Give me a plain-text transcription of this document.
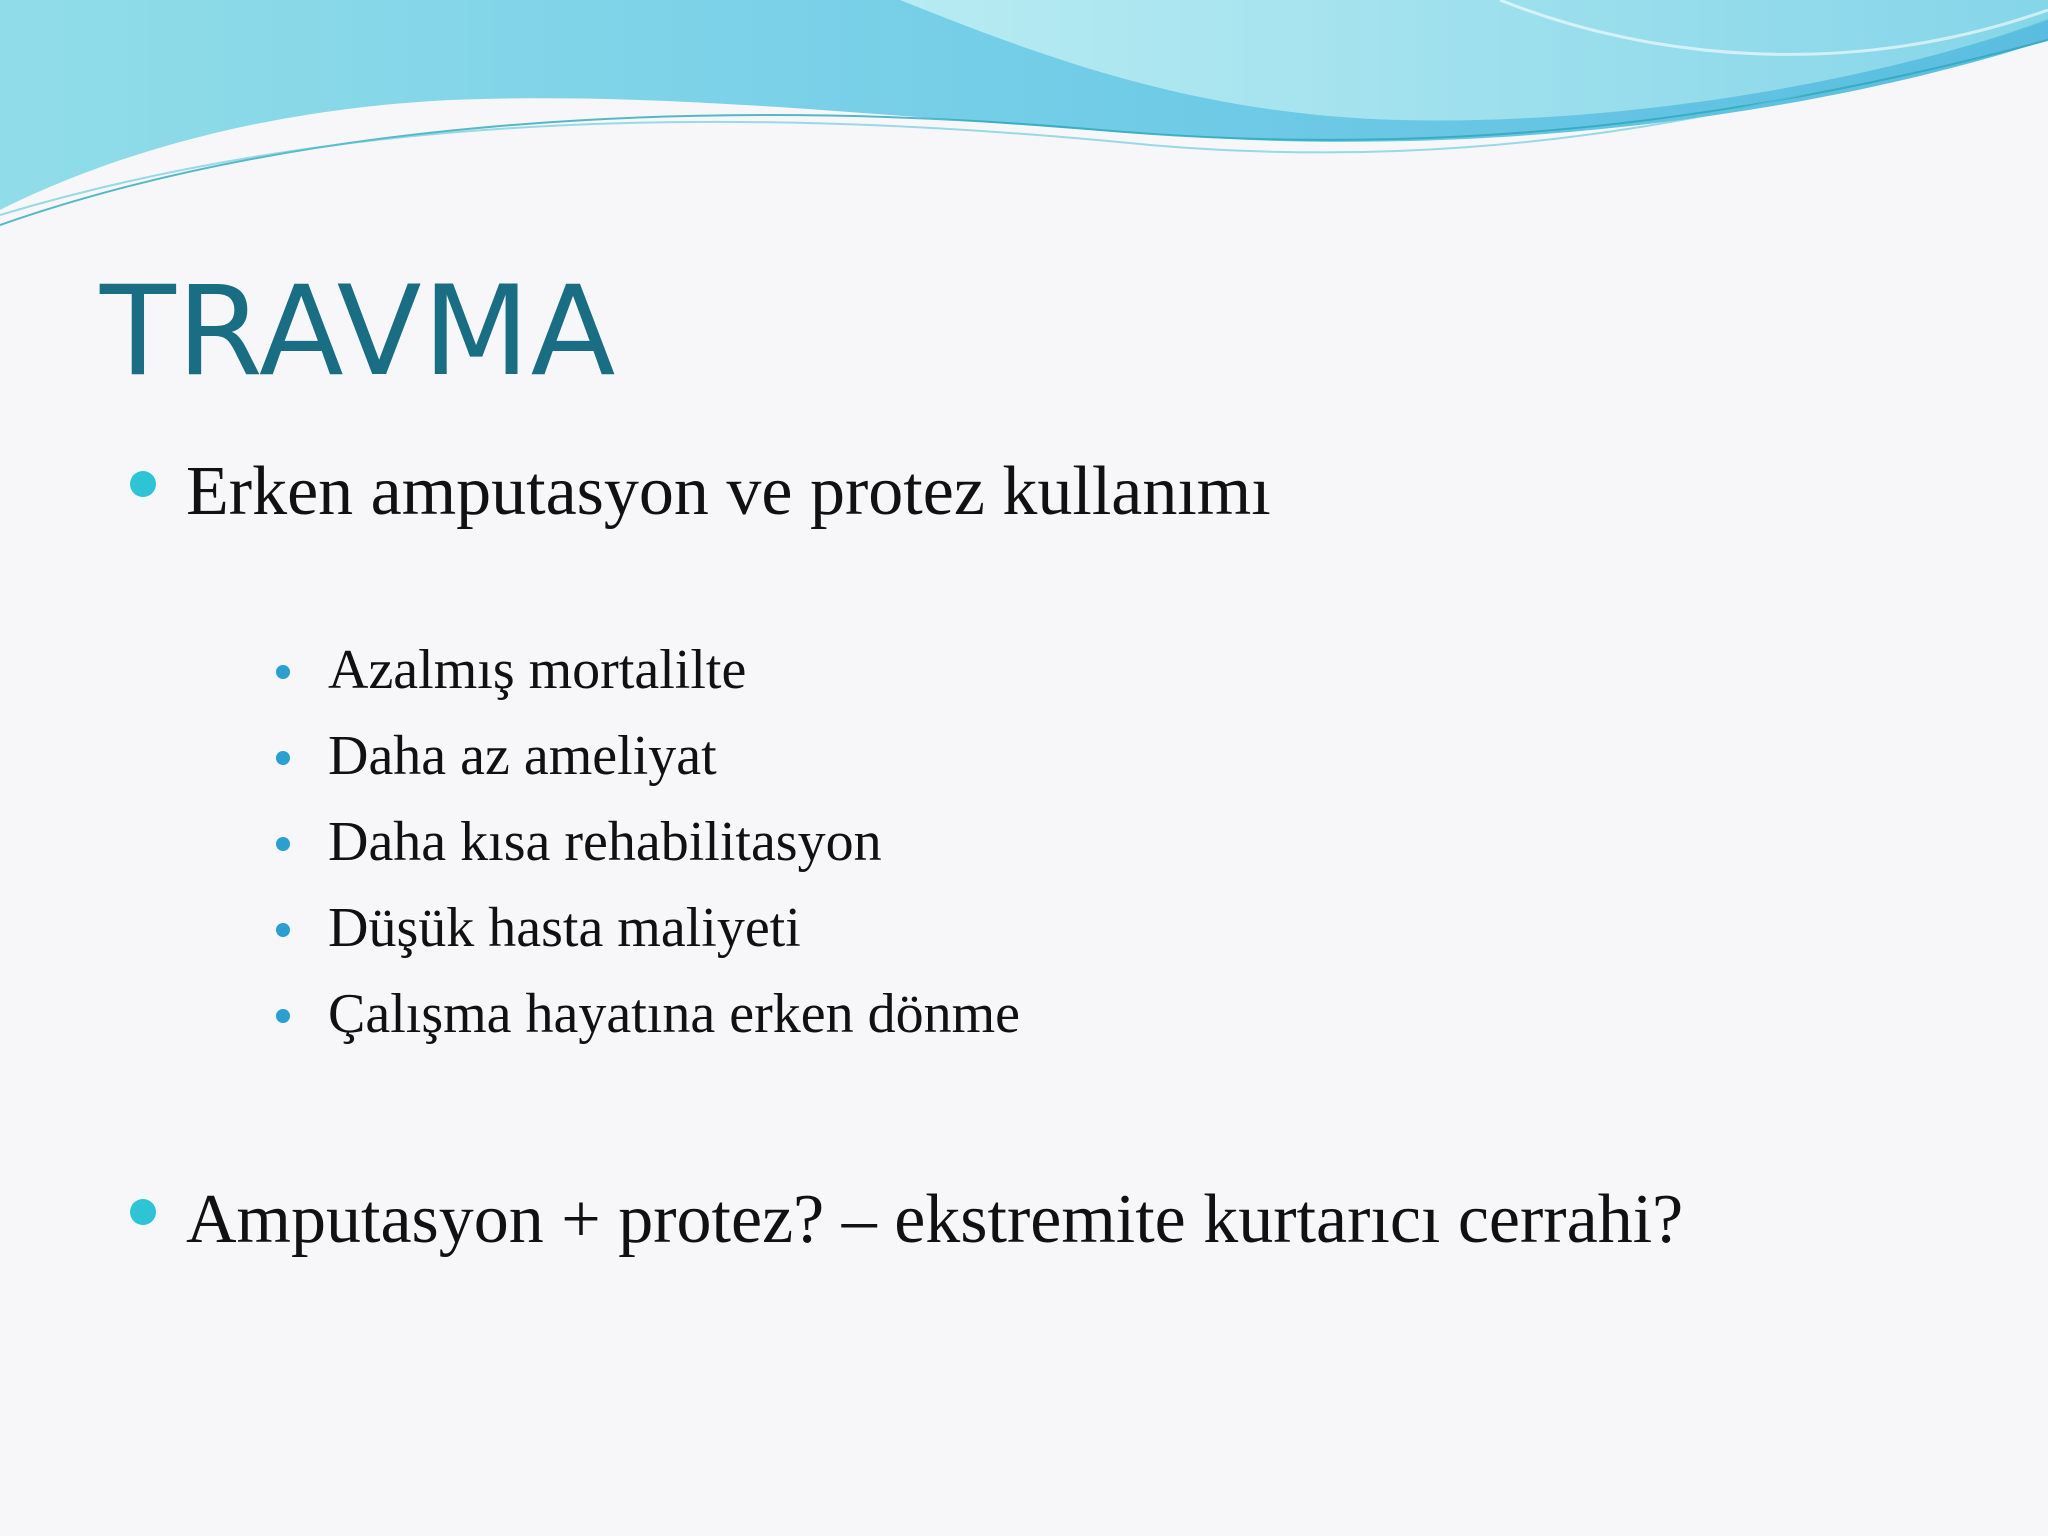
TRAVMA
Erken amputasyon ve protez kullanımı
Azalmış mortalilte
Daha az ameliyat
Daha kısa rehabilitasyon
Düşük hasta maliyeti
Çalışma hayatına erken dönme
Amputasyon + protez? – ekstremite kurtarıcı cerrahi?
